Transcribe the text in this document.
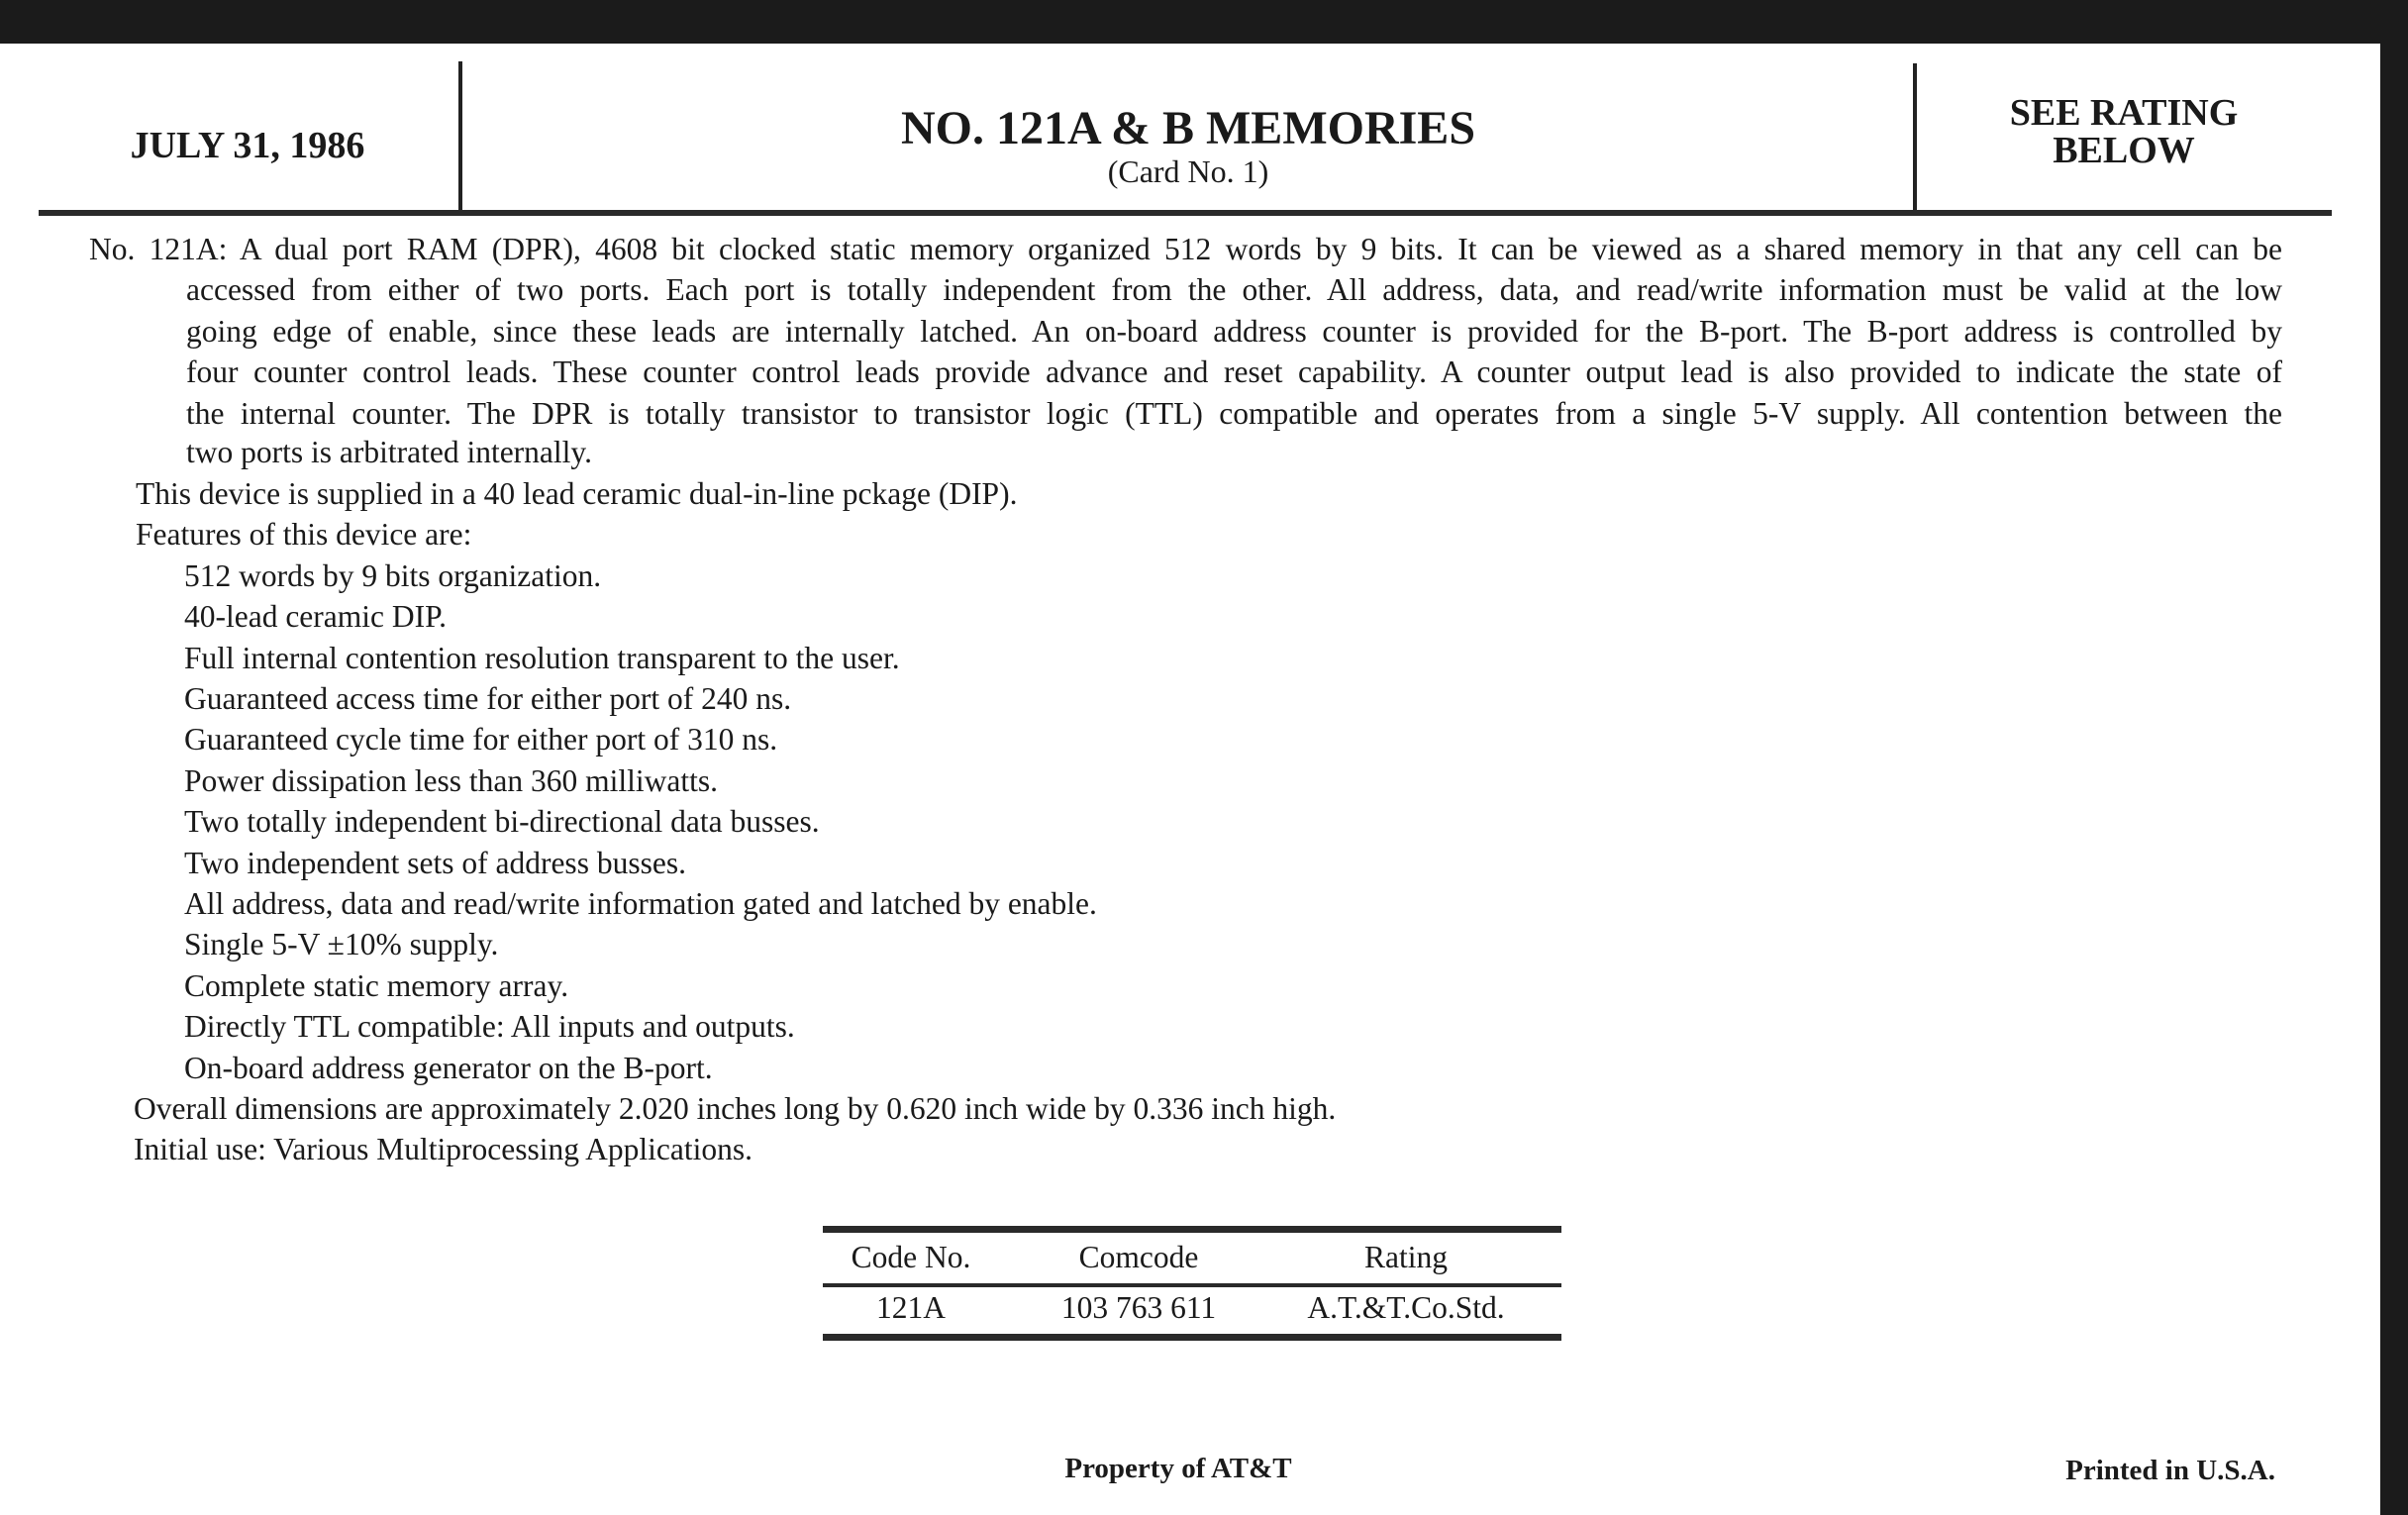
JULY 31, 1986	NO. 121A & B MEMORIES
(Card No. 1)
SEE RATING
BELOW
No. 121A: A dual port RAM (DPR), 4608 bit clocked static memory organized 512 words by 9 bits. It can be viewed as a shared memory in that any cell can be
accessed from either of two ports. Each port is totally independent from the other. All address, data, and read/write information must be valid at the low
going edge of enable, since these leads are internally latched. An on-board address counter is provided for the B-port. The B-port address is controlled by
four counter control leads. These counter control leads provide advance and reset capability. A counter output lead is also provided to indicate the state of
the internal counter. The DPR is totally transistor to transistor logic (TTL) compatible and operates from a single 5-V supply. All contention between the
two ports is arbitrated internally.
This device is supplied in a 40 lead ceramic dual-in-line pckage (DIP).
Features of this device are:
512 words by 9 bits organization.
40-lead ceramic DIP.
Full internal contention resolution transparent to the user.
Guaranteed access time for either port of 240 ns.
Guaranteed cycle time for either port of 310 ns.
Power dissipation less than 360 milliwatts.
Two totally independent bi-directional data busses.
Two independent sets of address busses.
All address, data and read/write information gated and latched by enable.
Single 5-V ±10% supply.
Complete static memory array.
Directly TTL compatible: All inputs and outputs.
On-board address generator on the B-port.
Overall dimensions are approximately 2.020 inches long by 0.620 inch wide by 0.336 inch high.
Initial use: Various Multiprocessing Applications.
Code No.	Comcode	Rating
121A	103 763 611	A.T.&T.Co.Std.
Property of AT&T	Printed in U.S.A.
